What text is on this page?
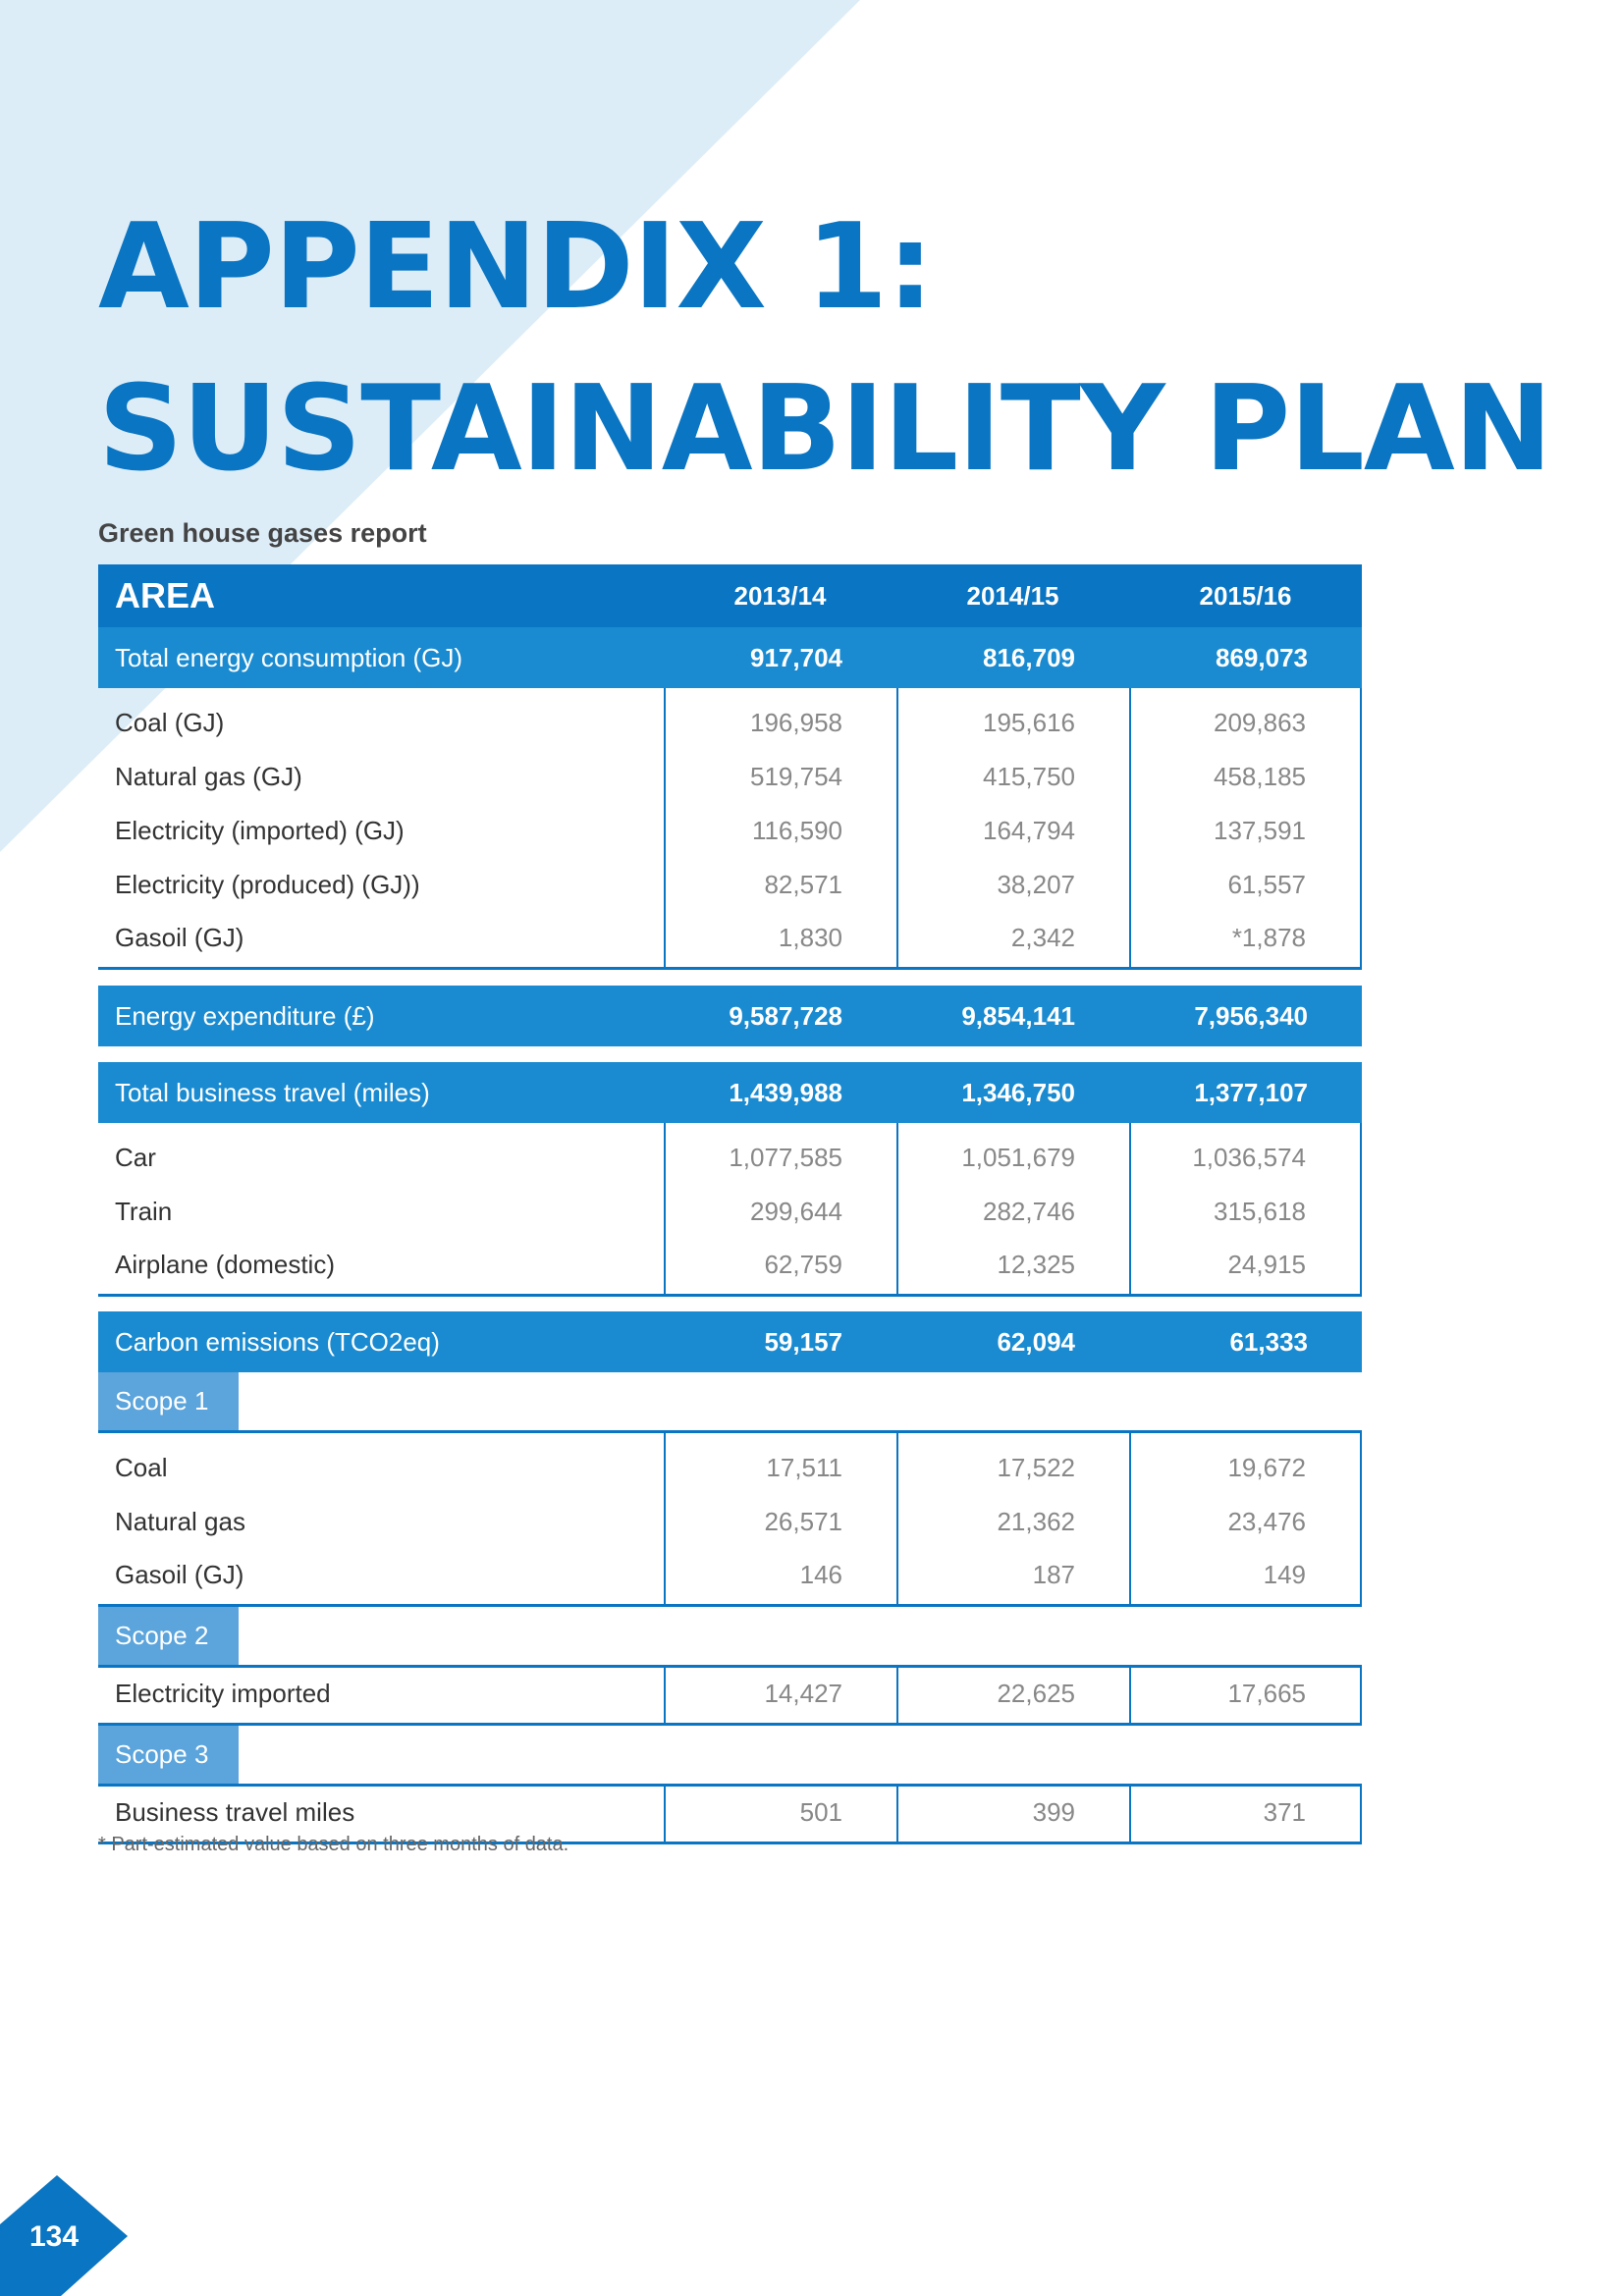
APPENDIX 1:
SUSTAINABILITY PLAN

Green house gases report

AREA	2013/14	2014/15	2015/16
Total energy consumption (GJ)	917,704	816,709	869,073
Coal (GJ)	196,958	195,616	209,863
Natural gas (GJ)	519,754	415,750	458,185
Electricity (imported) (GJ)	116,590	164,794	137,591
Electricity (produced) (GJ))	82,571	38,207	61,557
Gasoil (GJ)	1,830	2,342	*1,878
Energy expenditure (£)	9,587,728	9,854,141	7,956,340
Total business travel (miles)	1,439,988	1,346,750	1,377,107
Car	1,077,585	1,051,679	1,036,574
Train	299,644	282,746	315,618
Airplane (domestic)	62,759	12,325	24,915
Carbon emissions (TCO2eq)	59,157	62,094	61,333
Scope 1
Coal	17,511	17,522	19,672
Natural gas	26,571	21,362	23,476
Gasoil (GJ)	146	187	149
Scope 2
Electricity imported	14,427	22,625	17,665
Scope 3
Business travel miles	501	399	371

* Part-estimated value based on three months of data.

134
